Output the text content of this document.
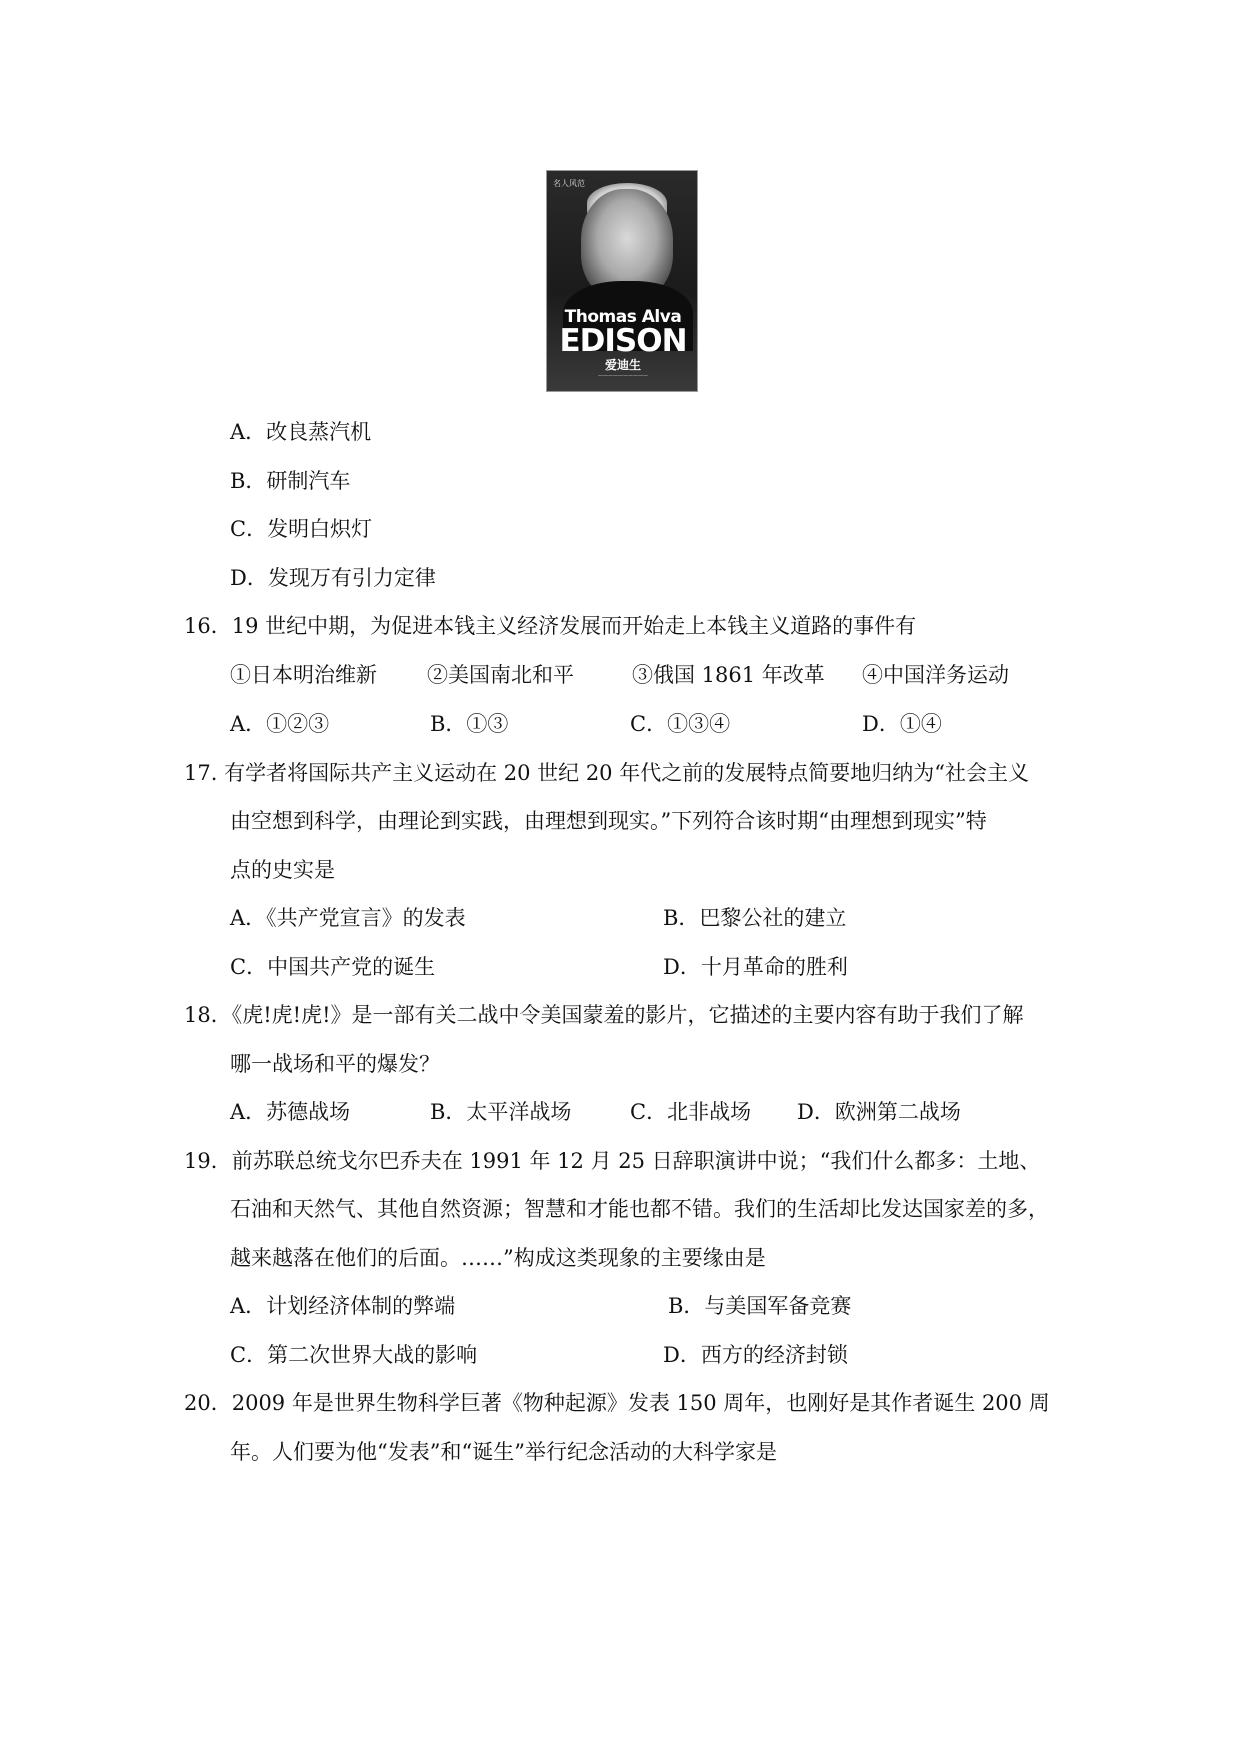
名人风范
Thomas Alva
EDISON
爱迪生
——————————
A．改良蒸汽机
B．研制汽车
C．发明白炽灯
D．发现万有引力定律
16．19 世纪中期，为促进本钱主义经济发展而开始走上本钱主义道路的事件有
①日本明治维新 ②美国南北和平	③俄国 1861 年改革 ④中国洋务运动
A．①②③	B．①③	C．①③④	D．①④
17. 有学者将国际共产主义运动在 20 世纪 20 年代之前的发展特点简要地归纳为“社会主义
由空想到科学，由理论到实践，由理想到现实。”下列符合该时期“由理想到现实”特
点的史实是
A．《共产党宣言》的发表	B．巴黎公社的建立
C．中国共产党的诞生	D．十月革命的胜利
18．《虎!虎!虎!》是一部有关二战中令美国蒙羞的影片，它描述的主要内容有助于我们了解
哪一战场和平的爆发？
A．苏德战场	B．太平洋战场	C．北非战场 D．欧洲第二战场
19．前苏联总统戈尔巴乔夫在 1991 年 12 月 25 日辞职演讲中说；“我们什么都多：土地、
石油和天然气、其他自然资源；智慧和才能也都不错。我们的生活却比发达国家差的多，
越来越落在他们的后面。……”构成这类现象的主要缘由是
A．计划经济体制的弊端	B．与美国军备竞赛
C．第二次世界大战的影响	D．西方的经济封锁
20．2009 年是世界生物科学巨著《物种起源》发表 150 周年，也刚好是其作者诞生 200 周
年。人们要为他“发表”和“诞生”举行纪念活动的大科学家是
